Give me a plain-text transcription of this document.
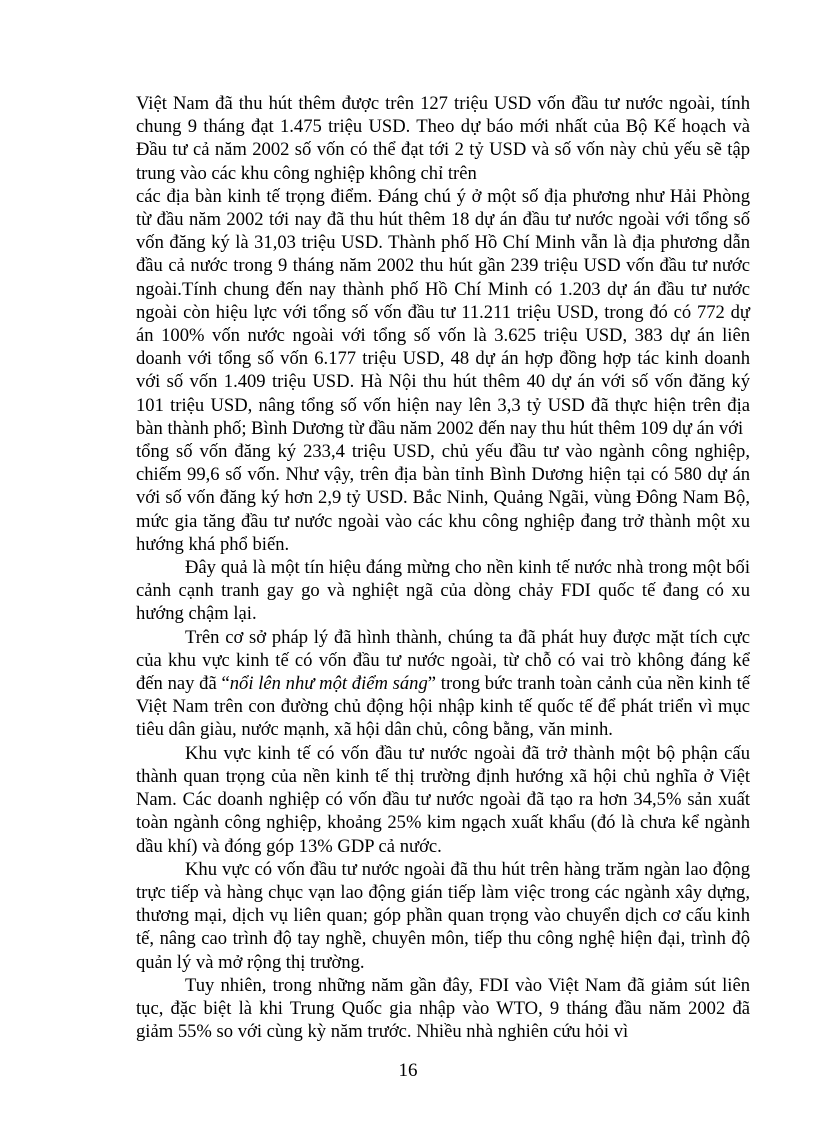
Việt Nam đã thu hút thêm được trên 127 triệu USD vốn đầu tư nước ngoài, tính chung 9 tháng đạt 1.475 triệu USD. Theo dự báo mới nhất của Bộ Kế hoạch và Đầu tư cả năm 2002 số vốn có thể đạt tới 2 tỷ USD và số vốn này chủ yếu sẽ tập trung vào các khu công nghiệp không chỉ trên

các địa bàn kinh tế trọng điểm. Đáng chú ý ở một số địa phương như Hải Phòng từ đầu năm 2002 tới nay đã thu hút thêm 18 dự án đầu tư nước ngoài với tổng số vốn đăng ký là 31,03 triệu USD. Thành phố Hồ Chí Minh vẫn là địa phương dẫn đầu cả nước trong 9 tháng năm 2002 thu hút gần 239 triệu USD vốn đầu tư nước ngoài.Tính chung đến nay thành phố Hồ Chí Minh có 1.203 dự án đầu tư nước ngoài còn hiệu lực với tổng số vốn đầu tư 11.211 triệu USD, trong đó có 772 dự án 100% vốn nước ngoài với tổng số vốn là 3.625 triệu USD, 383 dự án liên doanh với tổng số vốn 6.177 triệu USD, 48 dự án hợp đồng hợp tác kinh doanh với số vốn 1.409 triệu USD. Hà Nội thu hút thêm 40 dự án với số vốn đăng ký 101 triệu USD, nâng tổng số vốn hiện nay lên 3,3 tỷ USD đã thực hiện trên địa bàn thành phố; Bình Dương từ đầu năm 2002 đến nay thu hút thêm 109 dự án với

tổng số vốn đăng ký 233,4 triệu USD, chủ yếu đầu tư vào ngành công nghiệp, chiếm 99,6 số vốn. Như vậy, trên địa bàn tỉnh Bình Dương hiện tại có 580 dự án với số vốn đăng ký hơn 2,9 tỷ USD. Bắc Ninh, Quảng Ngãi, vùng Đông Nam Bộ, mức gia tăng đầu tư nước ngoài vào các khu công nghiệp đang trở thành một xu hướng khá phổ biến.

Đây quả là một tín hiệu đáng mừng cho nền kinh tế nước nhà trong một bối cảnh cạnh tranh gay go và nghiệt ngã của dòng chảy FDI quốc tế đang có xu hướng chậm lại.

Trên cơ sở pháp lý đã hình thành, chúng ta đã phát huy được mặt tích cực của khu vực kinh tế có vốn đầu tư nước ngoài, từ chỗ có vai trò không đáng kể đến nay đã “nổi lên như một điểm sáng” trong bức tranh toàn cảnh của nền kinh tế Việt Nam trên con đường chủ động hội nhập kinh tế quốc tế để phát triển vì mục tiêu dân giàu, nước mạnh, xã hội dân chủ, công bằng, văn minh.

Khu vực kinh tế có vốn đầu tư nước ngoài đã trở thành một bộ phận cấu thành quan trọng của nền kinh tế thị trường định hướng xã hội chủ nghĩa ở Việt Nam. Các doanh nghiệp có vốn đầu tư nước ngoài đã tạo ra hơn 34,5% sản xuất toàn ngành công nghiệp, khoảng 25% kim ngạch xuất khẩu (đó là chưa kể ngành dầu khí) và đóng góp 13% GDP cả nước.

Khu vực có vốn đầu tư nước ngoài đã thu hút trên hàng trăm ngàn lao động trực tiếp và hàng chục vạn lao động gián tiếp làm việc trong các ngành xây dựng, thương mại, dịch vụ liên quan; góp phần quan trọng vào chuyển dịch cơ cấu kinh tế, nâng cao trình độ tay nghề, chuyên môn, tiếp thu công nghệ hiện đại, trình độ quản lý và mở rộng thị trường.

Tuy nhiên, trong những năm gần đây, FDI vào Việt Nam đã giảm sút liên tục, đặc biệt là khi Trung Quốc gia nhập vào WTO, 9 tháng đầu năm 2002 đã giảm 55% so với cùng kỳ năm trước. Nhiều nhà nghiên cứu hỏi vì

16
